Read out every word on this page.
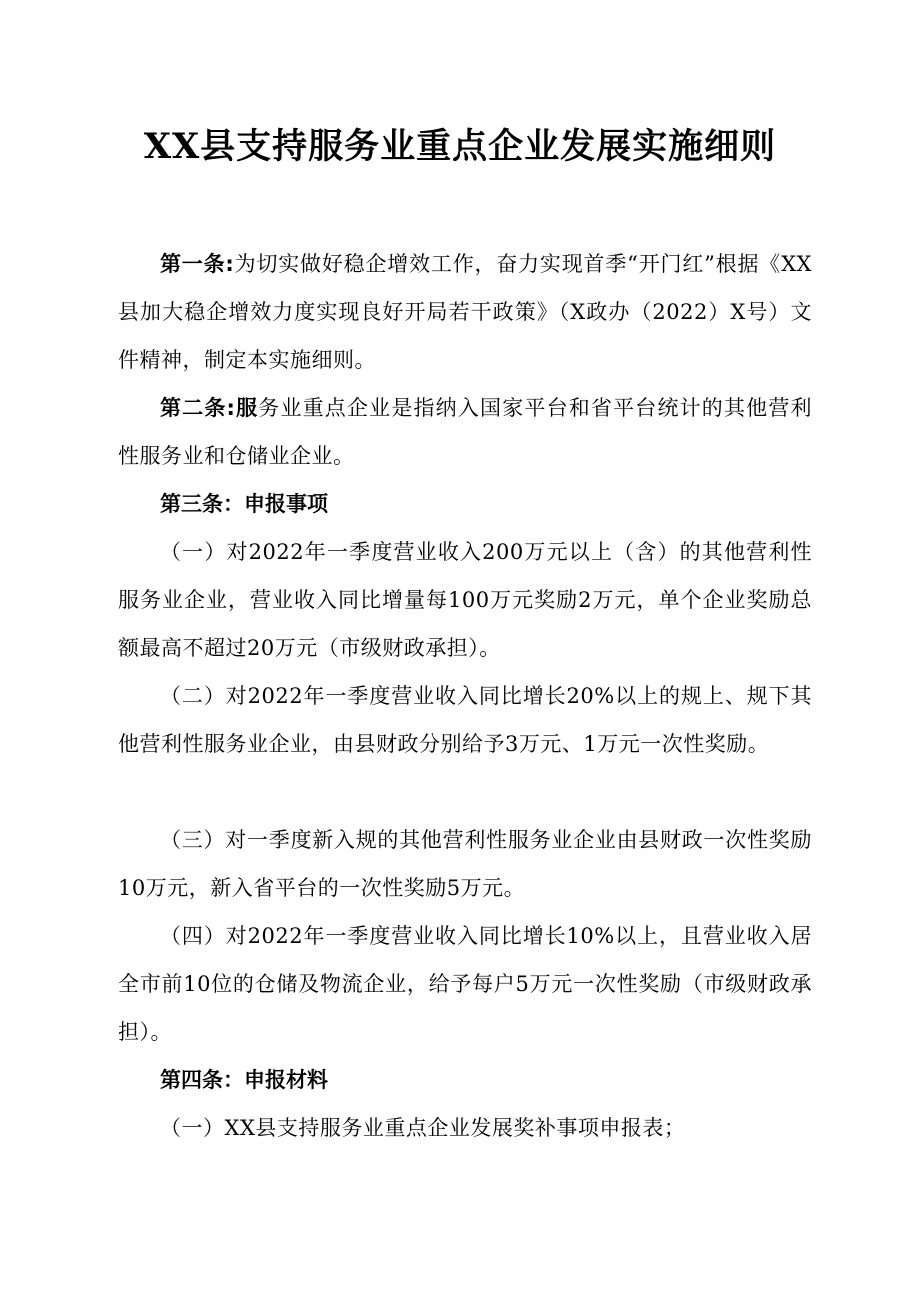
XX县支持服务业重点企业发展实施细则

第一条:为切实做好稳企增效工作，奋力实现首季“开门红”根据《XX县加大稳企增效力度实现良好开局若干政策》（X政办（2022）X号）文件精神，制定本实施细则。

第二条:服务业重点企业是指纳入国家平台和省平台统计的其他营利性服务业和仓储业企业。

第三条：申报事项

（一）对2022年一季度营业收入200万元以上（含）的其他营利性服务业企业，营业收入同比增量每100万元奖励2万元，单个企业奖励总额最高不超过20万元（市级财政承担）。

（二）对2022年一季度营业收入同比增长20%以上的规上、规下其他营利性服务业企业，由县财政分别给予3万元、1万元一次性奖励。

（三）对一季度新入规的其他营利性服务业企业由县财政一次性奖励10万元，新入省平台的一次性奖励5万元。

（四）对2022年一季度营业收入同比增长10%以上，且营业收入居全市前10位的仓储及物流企业，给予每户5万元一次性奖励（市级财政承担）。

第四条：申报材料

（一）XX县支持服务业重点企业发展奖补事项申报表；
